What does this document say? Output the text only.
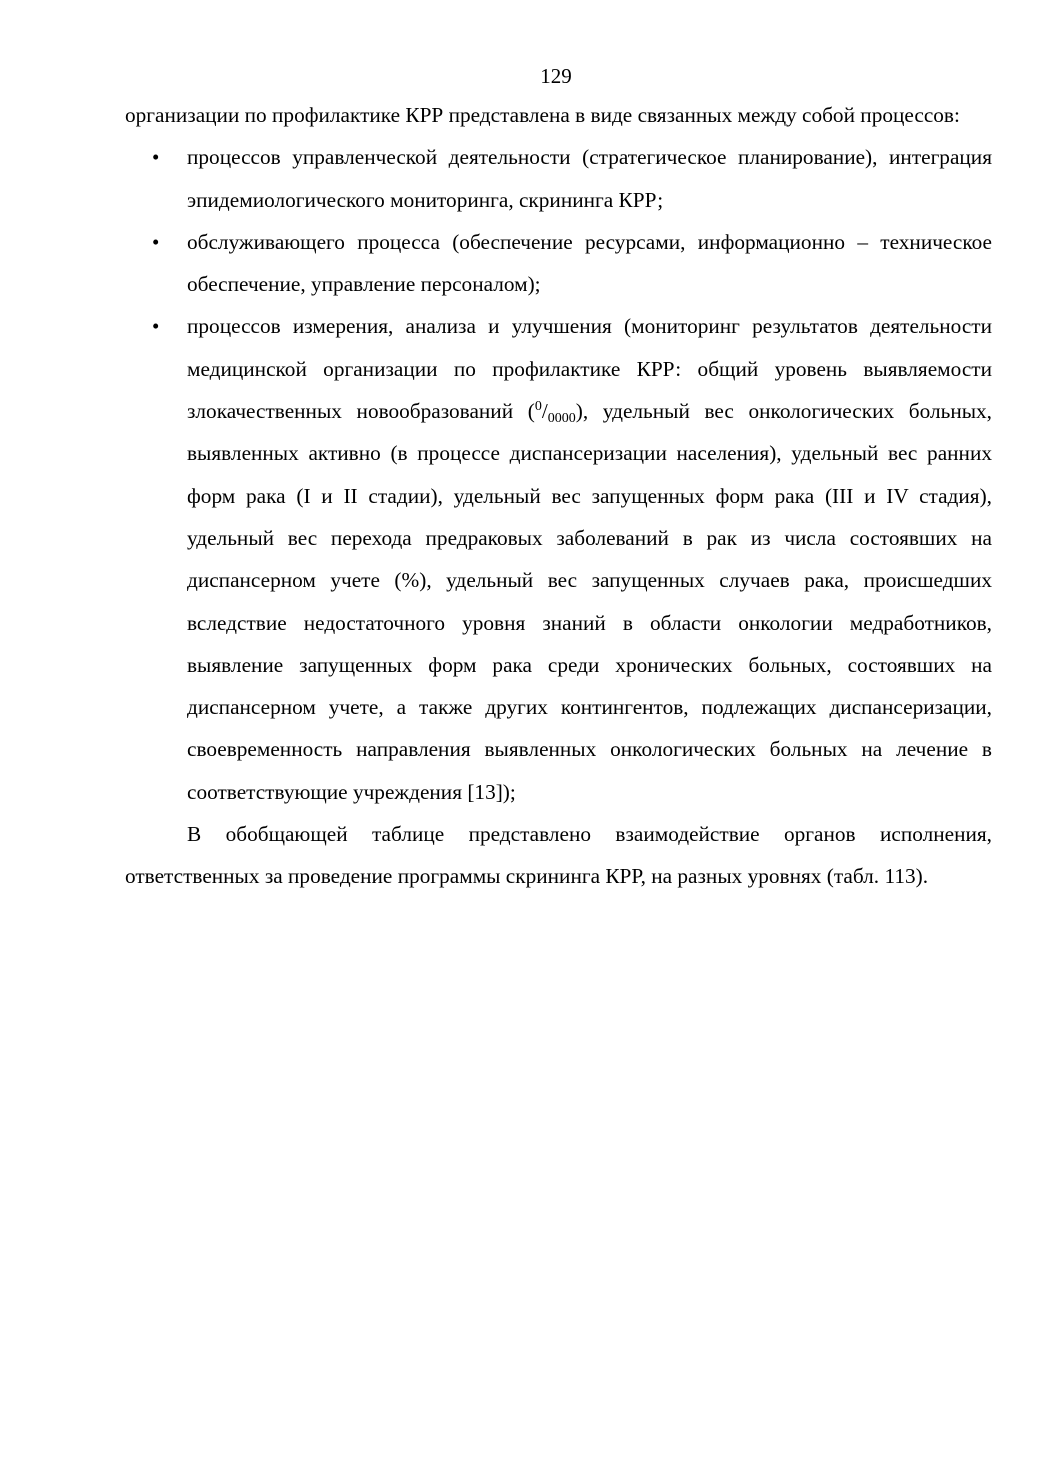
129

организации по профилактике КРР представлена в виде связанных между собой процессов:

• процессов управленческой деятельности (стратегическое планирование), интеграция эпидемиологического мониторинга, скрининга КРР;
• обслуживающего процесса (обеспечение ресурсами, информационно – техническое обеспечение, управление персоналом);
• процессов измерения, анализа и улучшения (мониторинг результатов деятельности медицинской организации по профилактике КРР: общий уровень выявляемости злокачественных новообразований $(^0/_{0000})$, удельный вес онкологических больных, выявленных активно (в процессе диспансеризации населения), удельный вес ранних форм рака (I и II стадии), удельный вес запущенных форм рака (III и IV стадия), удельный вес перехода предраковых заболеваний в рак из числа состоявших на диспансерном учете (%), удельный вес запущенных случаев рака, происшедших вследствие недостаточного уровня знаний в области онкологии медработников, выявление запущенных форм рака среди хронических больных, состоявших на диспансерном учете, а также других контингентов, подлежащих диспансеризации, своевременность направления выявленных онкологических больных на лечение в соответствующие учреждения [13]);

В обобщающей таблице представлено взаимодействие органов исполнения, ответственных за проведение программы скрининга КРР, на разных уровнях (табл. 113).
